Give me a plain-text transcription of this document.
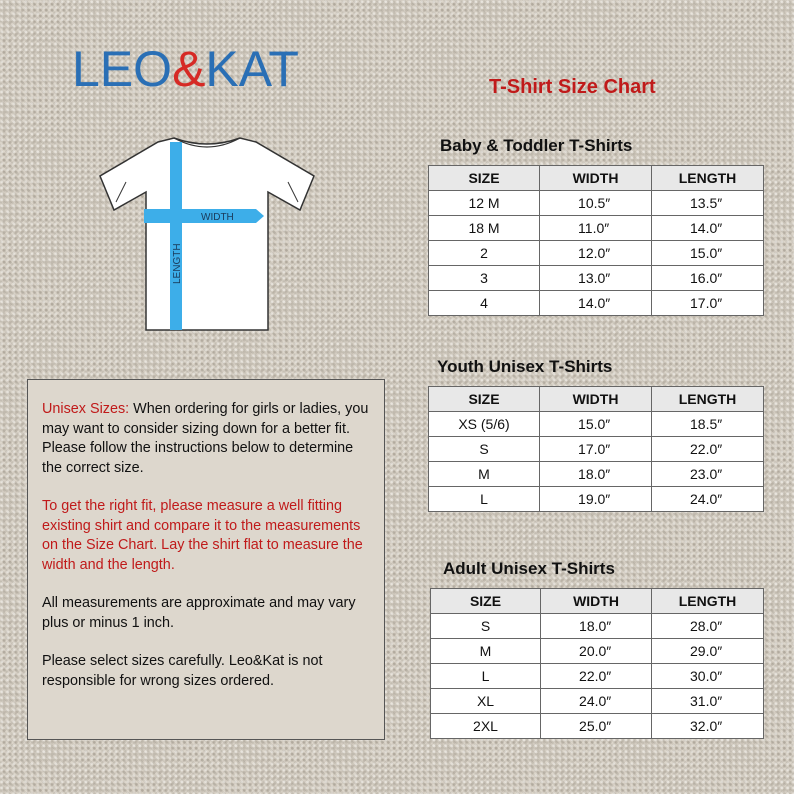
LEO&KAT	T-Shirt Size Chart
WIDTH
LENGTH
Baby & Toddler T-Shirts
SIZE	WIDTH	LENGTH
12 M	10.5″	13.5″
18 M	11.0″	14.0″
2	12.0″	15.0″
3	13.0″	16.0″
4	14.0″	17.0″
Youth Unisex T-Shirts
SIZE	WIDTH	LENGTH
XS (5/6)	15.0″	18.5″
S	17.0″	22.0″
M	18.0″	23.0″
L	19.0″	24.0″
Adult Unisex T-Shirts
SIZE	WIDTH	LENGTH
S	18.0″	28.0″
M	20.0″	29.0″
L	22.0″	30.0″
XL	24.0″	31.0″
2XL	25.0″	32.0″

Unisex Sizes: When ordering for girls or ladies, you may want to consider sizing down for a better fit. Please follow the instructions below to determine the correct size.

To get the right fit, please measure a well fitting existing shirt and compare it to the measurements on the Size Chart. Lay the shirt flat to measure the width and the length.

All measurements are approximate and may vary plus or minus 1 inch.

Please select sizes carefully. Leo&Kat is not responsible for wrong sizes ordered.
